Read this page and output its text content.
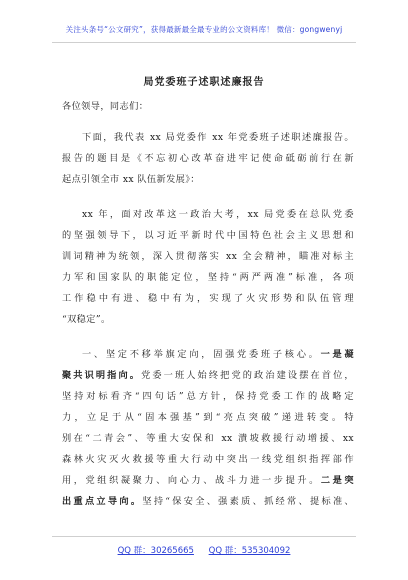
关注头条号“公文研究”，获得最新最全最专业的公文资料库！ 微信：gongwenyj
局党委班子述职述廉报告
各位领导，同志们：
下面，我代表 xx 局党委作 xx 年党委班子述职述廉报告。
报告的题目是《不忘初心改革奋进牢记使命砥砺前行在新
起点引领全市 xx 队伍新发展》：
xx 年，面对改革这一政治大考，xx 局党委在总队党委
的坚强领导下，以习近平新时代中国特色社会主义思想和
训词精神为统领，深入贯彻落实 xx 全会精神，瞄准对标主
力军和国家队的职能定位，坚持“两严两准”标准，各项
工作稳中有进、稳中有为，实现了火灾形势和队伍管理
“双稳定”。
一、坚定不移举旗定向，固强党委班子核心。一是凝
聚共识明指向。党委一班人始终把党的政治建设摆在首位，
坚持对标看齐“四句话”总方针，保持党委工作的战略定
力，立足于从“固本强基”到“亮点突破”递进转变。特
别在“二青会”、等重大安保和 xx 潰坡救援行动增援、xx
森林火灾灭火救援等重大行动中突出一线党组织指挥部作
用，党组织凝聚力、向心力、战斗力进一步提升。二是突
出重点立导向。坚持“保安全、强素质、抓经常、提标准、
QQ 群：30265665 QQ 群：535304092
